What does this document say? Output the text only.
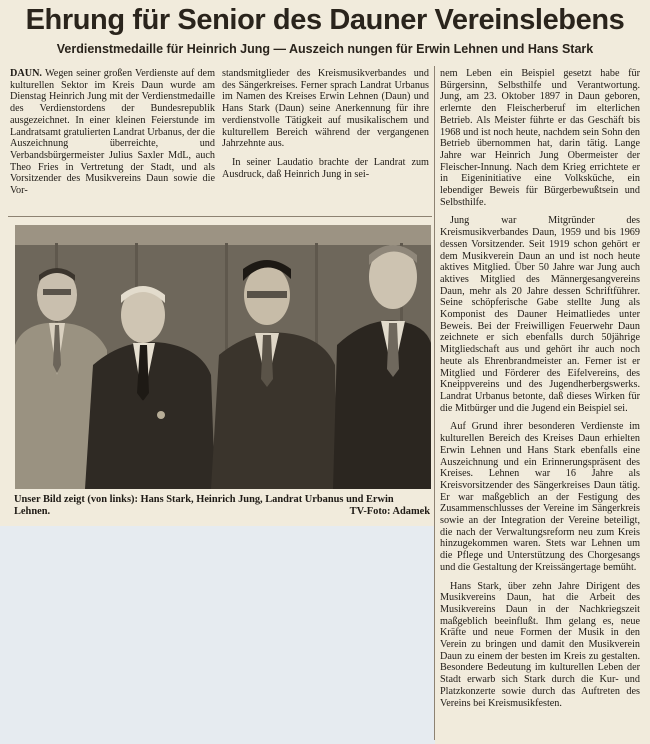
Ehrung für Senior des Dauner Vereinslebens
Verdienstmedaille für Heinrich Jung — Auszeich nungen für Erwin Lehnen und Hans Stark

DAUN. Wegen seiner großen Verdienste auf dem kulturellen Sektor im Kreis Daun wurde am Dienstag Heinrich Jung mit der Verdienstmedaille des Verdienstordens der Bundesrepublik ausgezeichnet. In einer kleinen Feierstunde im Landratsamt gratulierten Landrat Urbanus, der die Auszeichnung überreichte, und Verbandsbürgermeister Julius Saxler MdL, auch Theo Fries in Vertretung der Stadt, und als Vorsitzender des Musikvereins Daun sowie die Vor-

standsmitglieder des Kreismusikverbandes und des Sängerkreises. Ferner sprach Landrat Urbanus im Namen des Kreises Erwin Lehnen (Daun) und Hans Stark (Daun) seine Anerkennung für ihre verdienstvolle Tätigkeit auf musikalischem und kulturellem Bereich während der vergangenen Jahrzehnte aus.

In seiner Laudatio brachte der Landrat zum Ausdruck, daß Heinrich Jung in sei-

nem Leben ein Beispiel gesetzt habe für Bürgersinn, Selbsthilfe und Verantwortung. Jung, am 23. Oktober 1897 in Daun geboren, erlernte den Fleischerberuf im elterlichen Betrieb. Als Meister führte er das Geschäft bis 1968 und ist noch heute, nachdem sein Sohn den Betrieb übernommen hat, darin tätig. Lange Jahre war Heinrich Jung Obermeister der Fleischer-Innung. Nach dem Krieg errichtete er in Eigeninitiative eine Volksküche, ein lebendiger Beweis für Bürgerbewußtsein und Selbsthilfe.

Jung war Mitgründer des Kreismusikverbandes Daun, 1959 und bis 1969 dessen Vorsitzender. Seit 1919 schon gehört er dem Musikverein Daun an und ist noch heute aktives Mitglied. Über 50 Jahre war Jung auch aktives Mitglied des Männergesangvereins Daun, mehr als 20 Jahre dessen Schriftführer. Seine schöpferische Gabe stellte Jung als Komponist des Dauner Heimatliedes unter Beweis. Bei der Freiwilligen Feuerwehr Daun zeichnete er sich ebenfalls durch 50jährige Mitgliedschaft aus und gehört ihr auch noch heute als Ehrenbrandmeister an. Ferner ist er Mitglied und Förderer des Eifelvereins, des Kneippvereins und des Jugendherbergswerks. Landrat Urbanus betonte, daß dieses Wirken für die Mitbürger und die Jugend ein Beispiel sei.

Auf Grund ihrer besonderen Verdienste im kulturellen Bereich des Kreises Daun erhielten Erwin Lehnen und Hans Stark ebenfalls eine Auszeichnung und ein Erinnerungspräsent des Kreises. Lehnen war 16 Jahre als Kreisvorsitzender des Sängerkreises Daun tätig. Er war maßgeblich an der Festigung des Zusammenschlusses der Vereine im Sängerkreis sowie an der Integration der Vereine beteiligt, die nach der Verwaltungsreform neu zum Kreis hinzugekommen waren. Stets war Lehnen um die Pflege und Unterstützung des Chorgesangs und die Gestaltung der Kreissängertage bemüht.

Hans Stark, über zehn Jahre Dirigent des Musikvereins Daun, hat die Arbeit des Musikvereins Daun in der Nachkriegszeit maßgeblich beeinflußt. Ihm gelang es, neue Kräfte und neue Formen der Musik in den Verein zu bringen und damit den Musikverein Daun zu einem der besten im Kreis zu gestalten. Besondere Bedeutung im kulturellen Leben der Stadt erwarb sich Stark durch die Kur- und Platzkonzerte sowie durch das Auftreten des Vereins bei Kreismusikfesten.

Unser Bild zeigt (von links): Hans Stark, Heinrich Jung, Landrat Urbanus und Erwin Lehnen.	TV-Foto: Adamek
